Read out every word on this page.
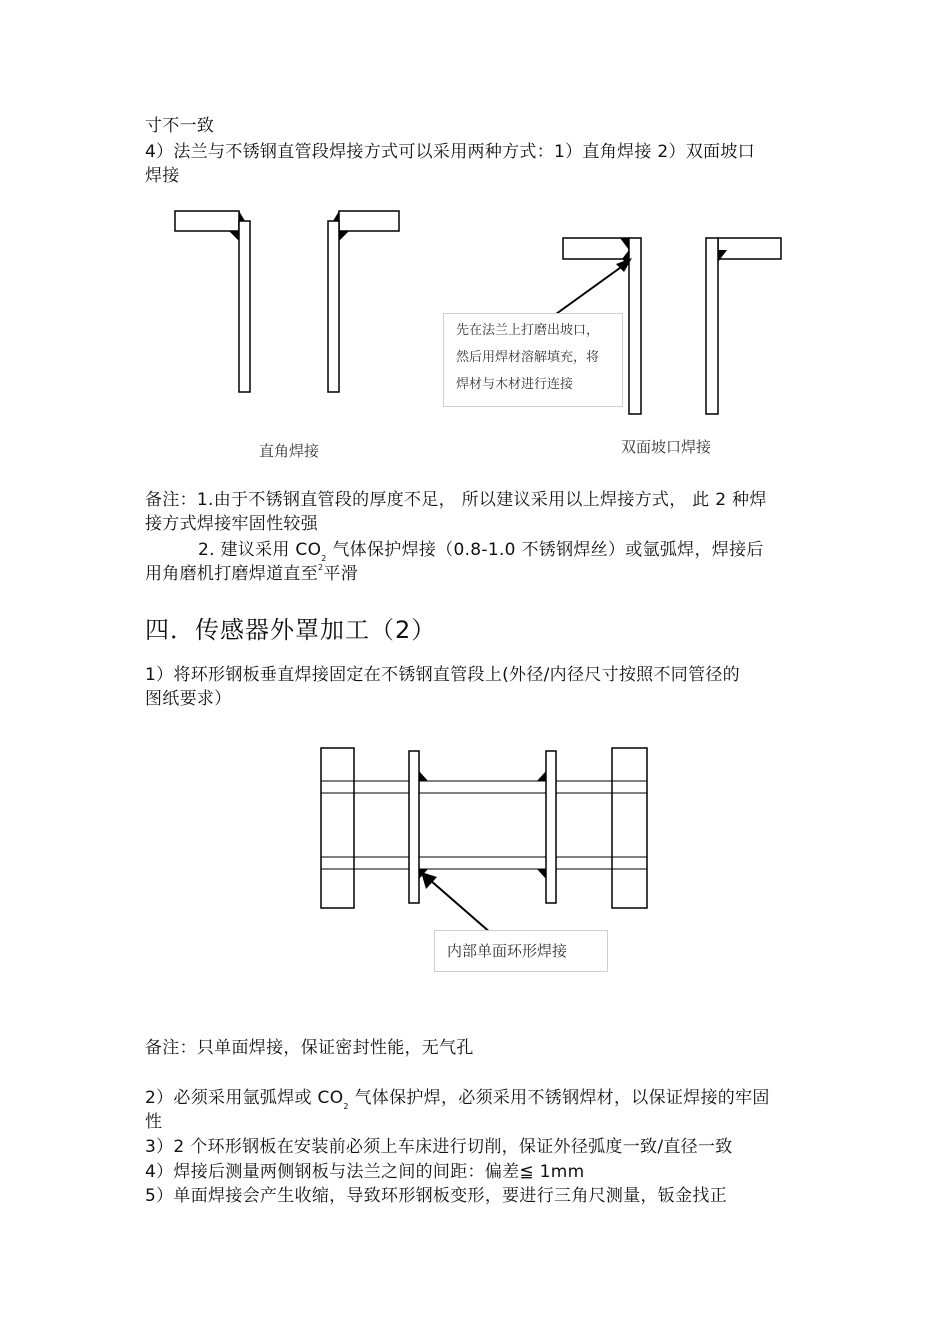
寸不一致
4）法兰与不锈钢直管段焊接方式可以采用两种方式：1）直角焊接 2）双面坡口
焊接
先在法兰上打磨出坡口，
然后用焊材溶解填充，将
焊材与木材进行连接
直角焊接	双面坡口焊接
备注：1.由于不锈钢直管段的厚度不足， 所以建议采用以上焊接方式， 此 2 种焊
接方式焊接牢固性较强
2. 建议采用 $CO_2$ 气体保护焊接（0.8-1.0 不锈钢焊丝）或氩弧焊，焊接后
用角磨机打磨焊道直至$^2$平滑
四．传感器外罩加工（2）
1）将环形钢板垂直焊接固定在不锈钢直管段上(外径/内径尺寸按照不同管径的
图纸要求）
内部单面环形焊接
备注：只单面焊接，保证密封性能，无气孔
2）必须采用氩弧焊或 $CO_2$ 气体保护焊，必须采用不锈钢焊材，以保证焊接的牢固
性
3）2 个环形钢板在安装前必须上车床进行切削，保证外径弧度一致/直径一致
4）焊接后测量两侧钢板与法兰之间的间距：偏差≦ 1mm
5）单面焊接会产生收缩，导致环形钢板变形，要进行三角尺测量，钣金找正
